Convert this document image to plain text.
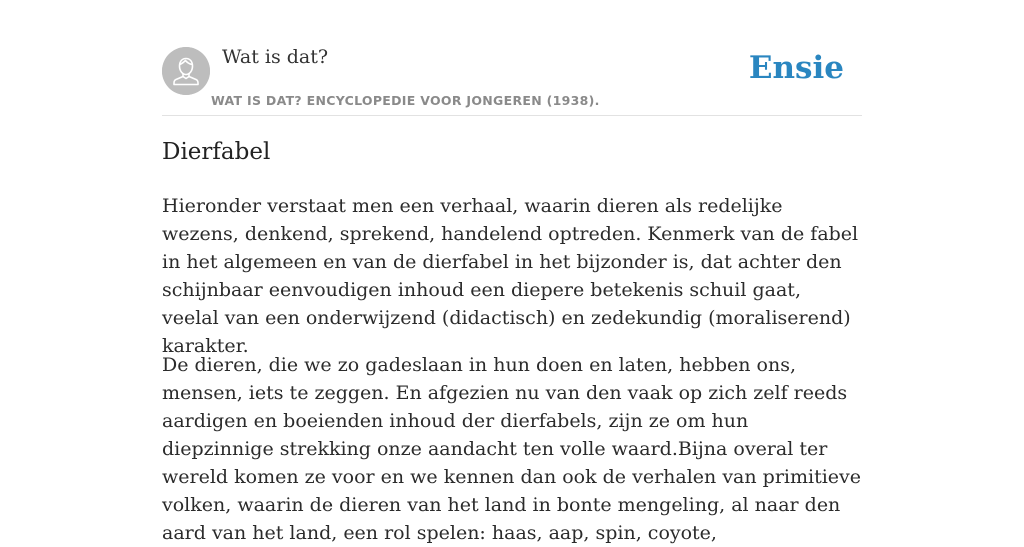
Wat is dat?
WAT IS DAT? ENCYCLOPEDIE VOOR JONGEREN (1938).
Ensie
Dierfabel

Hieronder verstaat men een verhaal, waarin dieren als redelijke wezens, denkend, sprekend, handelend optreden. Kenmerk van de fabel in het algemeen en van de dierfabel in het bijzonder is, dat achter den schijnbaar eenvoudigen inhoud een diepere betekenis schuil gaat, veelal van een onderwijzend (didactisch) en zedekundig (moraliserend) karakter.

De dieren, die we zo gadeslaan in hun doen en laten, hebben ons, mensen, iets te zeggen. En afgezien nu van den vaak op zich zelf reeds aardigen en boeienden inhoud der dierfabels, zijn ze om hun diepzinnige strekking onze aandacht ten volle waard.Bijna overal ter wereld komen ze voor en we kennen dan ook de verhalen van primitieve volken, waarin de dieren van het land in bonte mengeling, al naar den aard van het land, een rol spelen: haas, aap, spin, coyote,
